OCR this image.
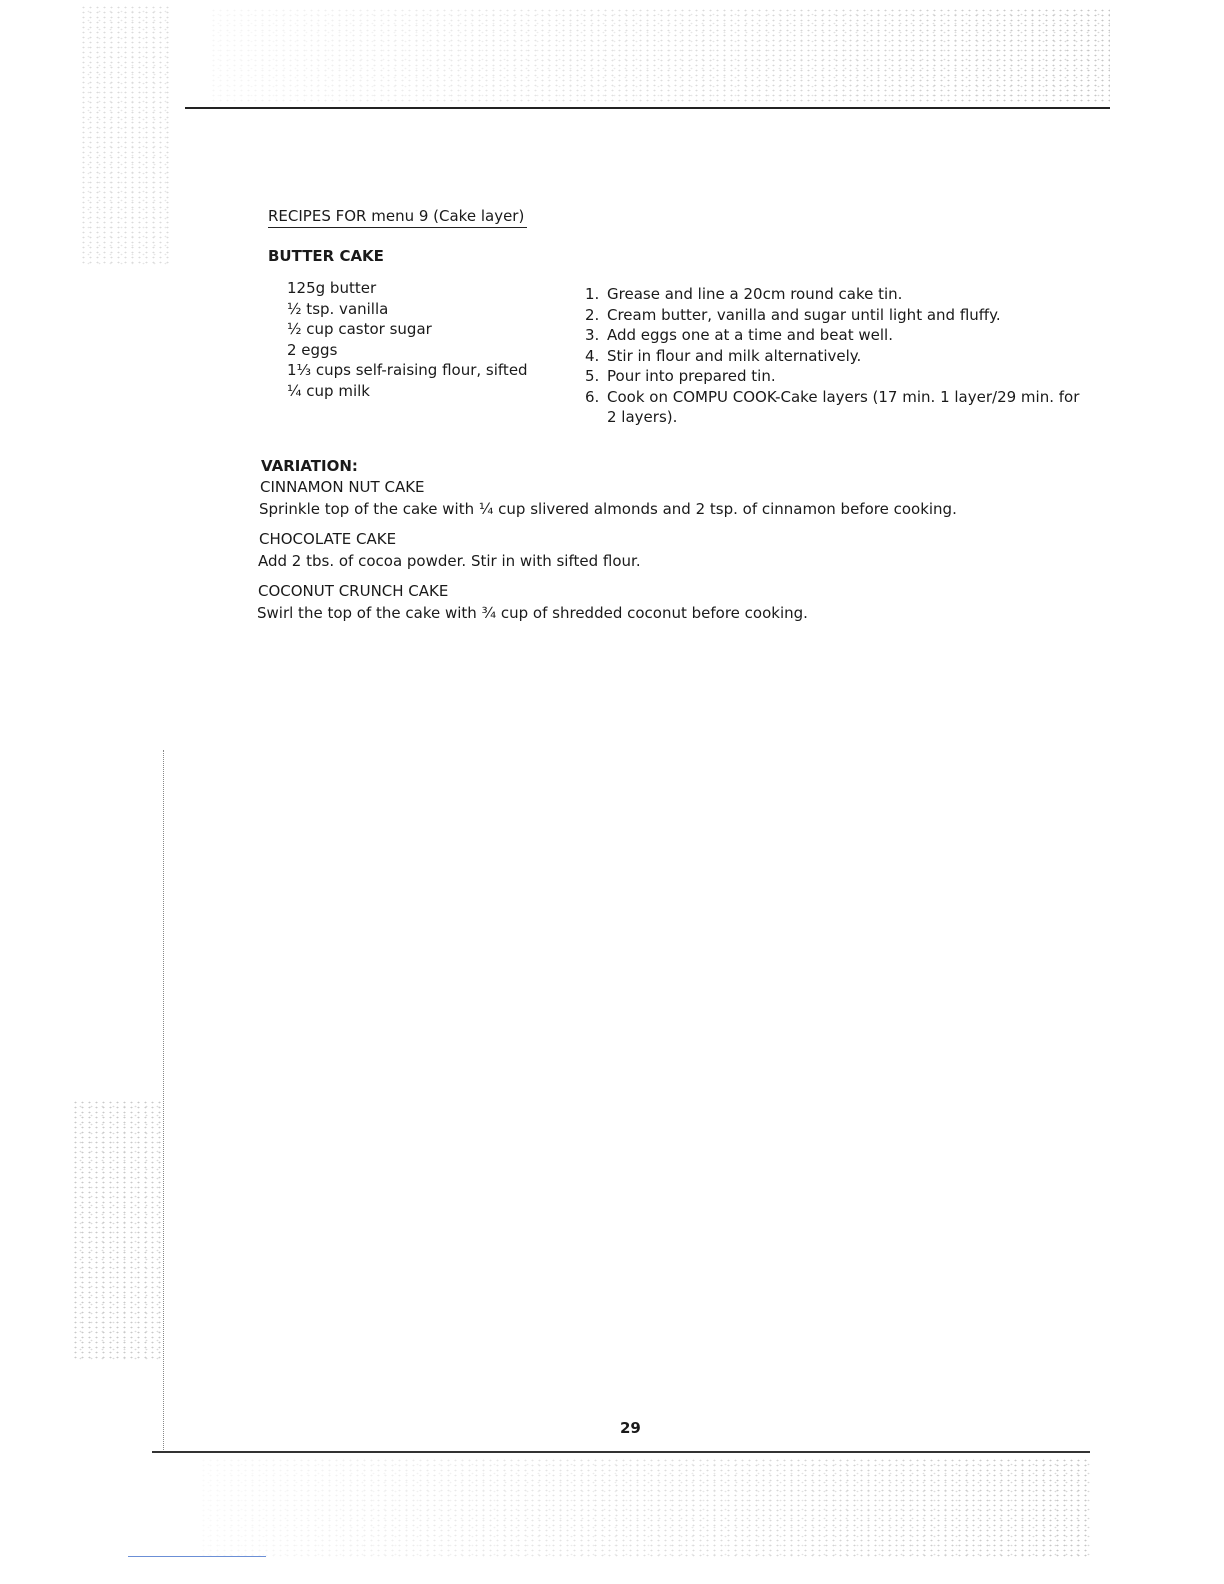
RECIPES FOR menu 9 (Cake layer)
BUTTER CAKE
125g butter
½ tsp. vanilla
½ cup castor sugar
2 eggs
1⅓ cups self-raising flour, sifted
¼ cup milk
1. Grease and line a 20cm round cake tin.
2. Cream butter, vanilla and sugar until light and fluffy.
3. Add eggs one at a time and beat well.
4. Stir in flour and milk alternatively.
5. Pour into prepared tin.
6. Cook on COMPU COOK-Cake layers (17 min. 1 layer/29 min. for 2 layers).
VARIATION:
CINNAMON NUT CAKE
Sprinkle top of the cake with ¼ cup slivered almonds and 2 tsp. of cinnamon before cooking.
CHOCOLATE CAKE
Add 2 tbs. of cocoa powder. Stir in with sifted flour.
COCONUT CRUNCH CAKE
Swirl the top of the cake with ¾ cup of shredded coconut before cooking.
29
